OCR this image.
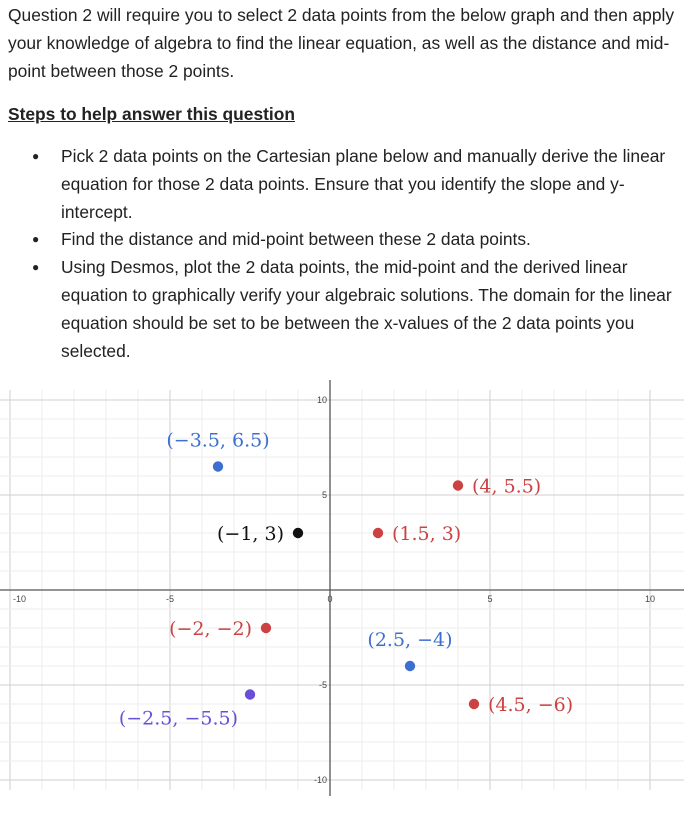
Question 2 will require you to select 2 data points from the below graph and then apply your knowledge of algebra to find the linear equation, as well as the distance and mid-point between those 2 points.

Steps to help answer this question
● Pick 2 data points on the Cartesian plane below and manually derive the linear equation for those 2 data points. Ensure that you identify the slope and y-intercept.
● Find the distance and mid-point between these 2 data points.
● Using Desmos, plot the 2 data points, the mid-point and the derived linear equation to graphically verify your algebraic solutions. The domain for the linear equation should be set to be between the x-values of the 2 data points you selected.
-10	-5	0	5	10
10
5
-5
-10
(−3.5, 6.5)
(4, 5.5)
(−1, 3)	(1.5, 3)
(−2, −2)	(2.5, −4)
(−2.5, −5.5)
(4.5, −6)
